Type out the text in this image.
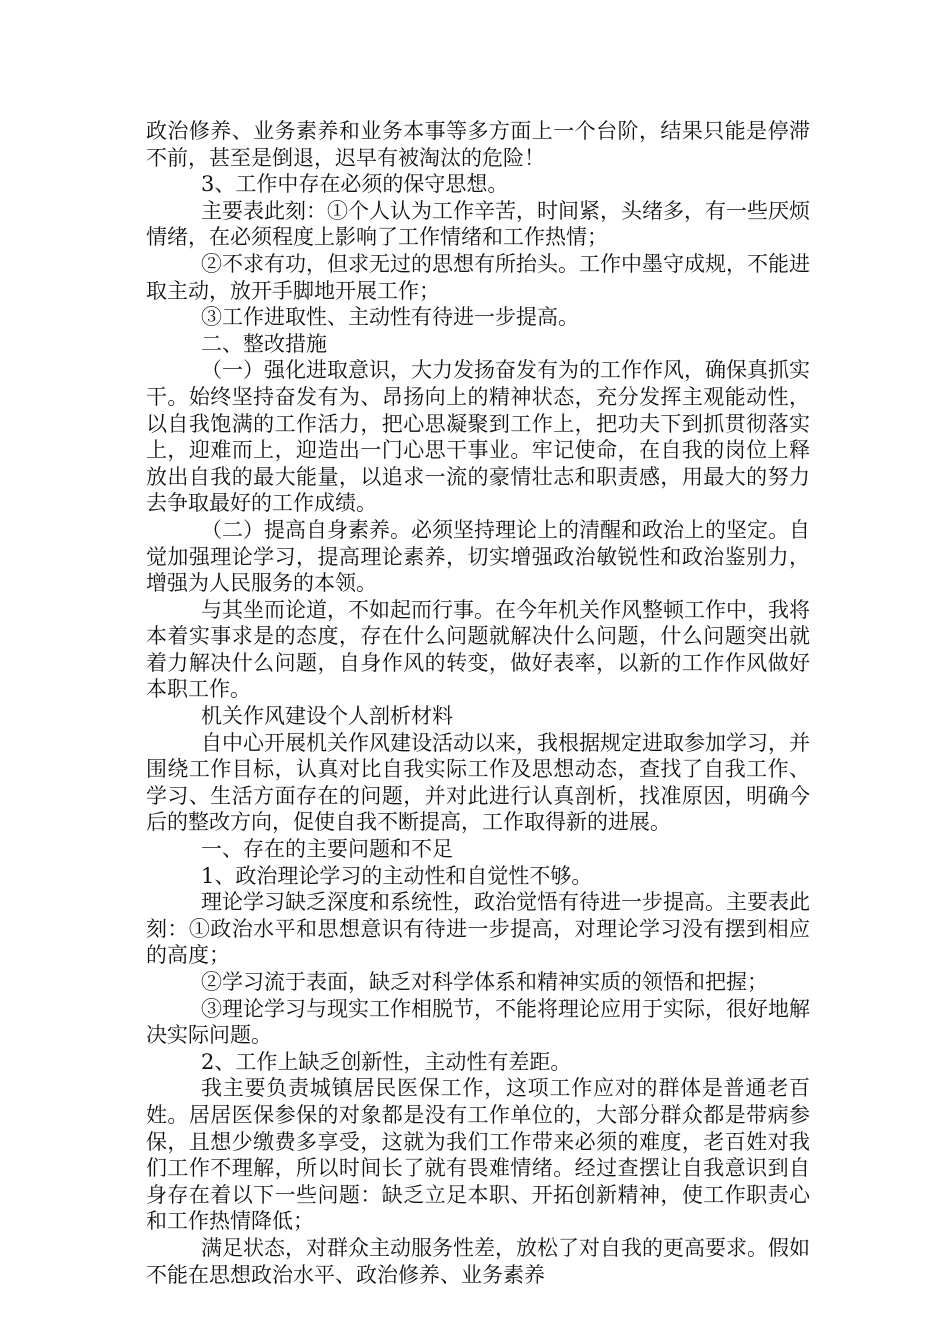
政治修养、业务素养和业务本事等多方面上一个台阶，结果只能是停滞不前，甚至是倒退，迟早有被淘汰的危险！

3、工作中存在必须的保守思想。

主要表此刻：①个人认为工作辛苦，时间紧，头绪多，有一些厌烦情绪，在必须程度上影响了工作情绪和工作热情；

②不求有功，但求无过的思想有所抬头。工作中墨守成规，不能进取主动，放开手脚地开展工作；

③工作进取性、主动性有待进一步提高。

二、整改措施

（一）强化进取意识，大力发扬奋发有为的工作作风，确保真抓实干。始终坚持奋发有为、昂扬向上的精神状态，充分发挥主观能动性，以自我饱满的工作活力，把心思凝聚到工作上，把功夫下到抓贯彻落实上，迎难而上，迎造出一门心思干事业。牢记使命，在自我的岗位上释放出自我的最大能量，以追求一流的豪情壮志和职责感，用最大的努力去争取最好的工作成绩。

（二）提高自身素养。必须坚持理论上的清醒和政治上的坚定。自觉加强理论学习，提高理论素养，切实增强政治敏锐性和政治鉴别力，增强为人民服务的本领。

与其坐而论道，不如起而行事。在今年机关作风整顿工作中，我将本着实事求是的态度，存在什么问题就解决什么问题，什么问题突出就着力解决什么问题，自身作风的转变，做好表率，以新的工作作风做好本职工作。

机关作风建设个人剖析材料

自中心开展机关作风建设活动以来，我根据规定进取参加学习，并围绕工作目标，认真对比自我实际工作及思想动态，查找了自我工作、学习、生活方面存在的问题，并对此进行认真剖析，找准原因，明确今后的整改方向，促使自我不断提高，工作取得新的进展。

一、存在的主要问题和不足

1、政治理论学习的主动性和自觉性不够。

理论学习缺乏深度和系统性，政治觉悟有待进一步提高。主要表此刻：①政治水平和思想意识有待进一步提高，对理论学习没有摆到相应的高度；

②学习流于表面，缺乏对科学体系和精神实质的领悟和把握；

③理论学习与现实工作相脱节，不能将理论应用于实际，很好地解决实际问题。

2、工作上缺乏创新性，主动性有差距。

我主要负责城镇居民医保工作，这项工作应对的群体是普通老百姓。居居医保参保的对象都是没有工作单位的，大部分群众都是带病参保，且想少缴费多享受，这就为我们工作带来必须的难度，老百姓对我们工作不理解，所以时间长了就有畏难情绪。经过查摆让自我意识到自身存在着以下一些问题：缺乏立足本职、开拓创新精神，使工作职责心和工作热情降低；

满足状态，对群众主动服务性差，放松了对自我的更高要求。假如不能在思想政治水平、政治修养、业务素养
